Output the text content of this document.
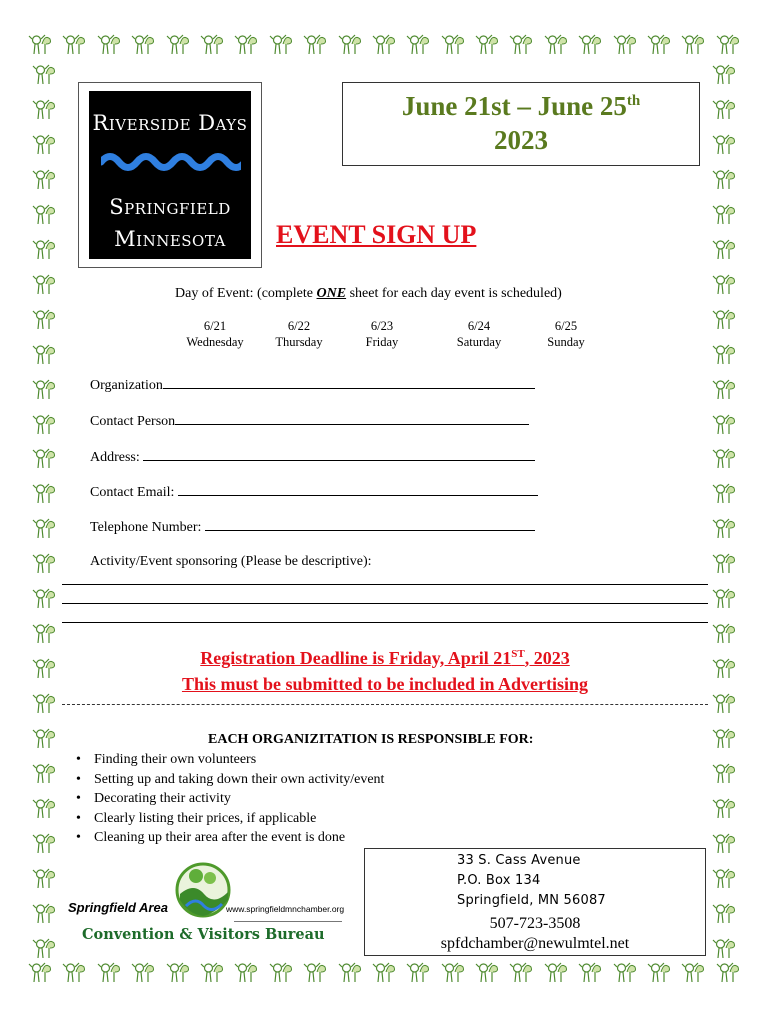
Riverside Days
Springfield
Minnesota
June 21st – June 25th
2023
EVENT SIGN UP
Day of Event: (complete ONE sheet for each day event is scheduled)
6/21
Wednesday
6/22
Thursday
6/23
Friday
6/24
Saturday
6/25
Sunday
Organization
Contact Person
Address:
Contact Email:
Telephone Number:
Activity/Event sponsoring (Please be descriptive):
Registration Deadline is Friday, April 21ST, 2023
This must be submitted to be included in Advertising
EACH ORGANIZITATION IS RESPONSIBLE FOR:
• Finding their own volunteers
• Setting up and taking down their own activity/event
• Decorating their activity
• Clearly listing their prices, if applicable
• Cleaning up their area after the event is done
Springfield Area	www.springfieldmnchamber.org
Convention & Visitors Bureau
33 S. Cass Avenue
P.O. Box 134
Springfield, MN 56087
507-723-3508
spfdchamber@newulmtel.net
